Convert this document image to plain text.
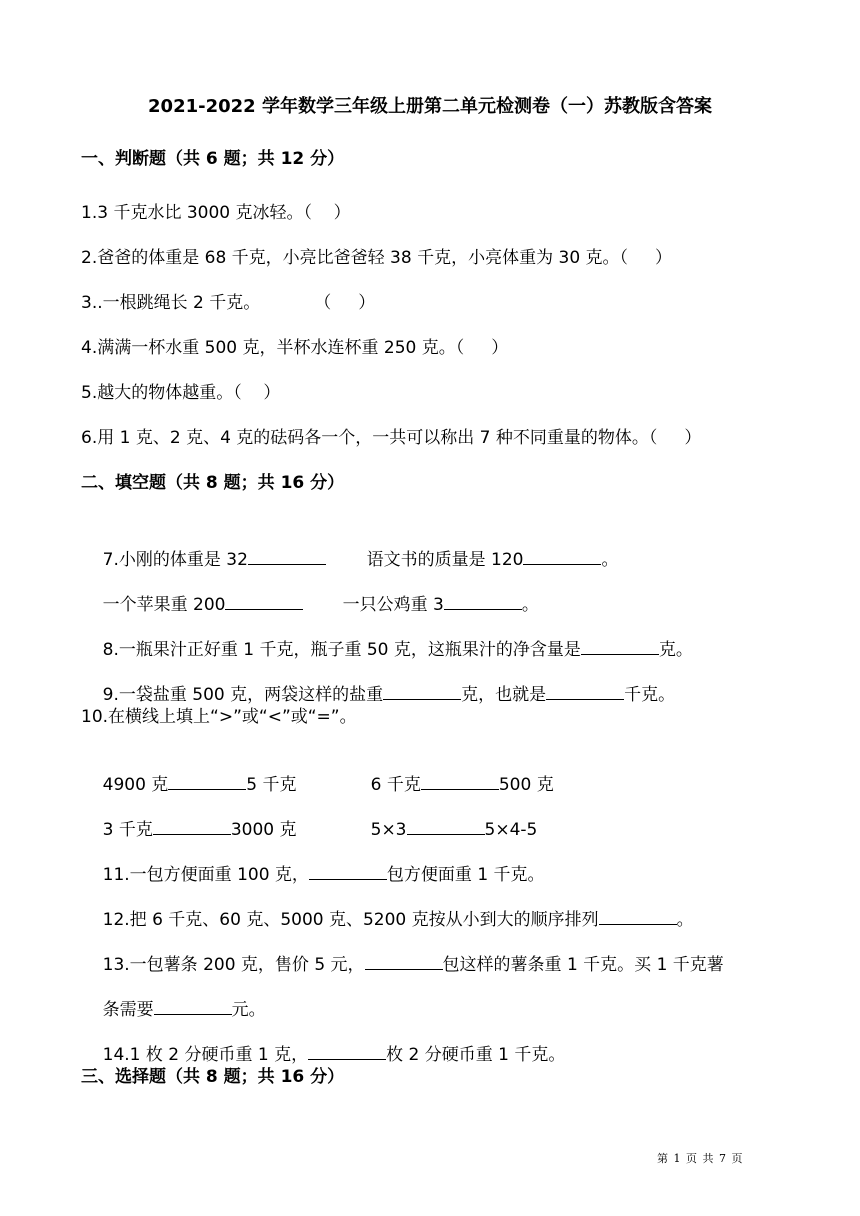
2021-2022 学年数学三年级上册第二单元检测卷（一）苏教版含答案
一、判断题（共 6 题；共 12 分）
1.3 千克水比 3000 克冰轻。（    ）
2.爸爸的体重是 68 千克，小亮比爸爸轻 38 千克，小亮体重为 30 克。（     ）
3..一根跳绳长 2 千克。          （     ）
4.满满一杯水重 500 克，半杯水连杯重 250 克。（     ）
5.越大的物体越重。（    ）
6.用 1 克、2 克、4 克的砝码各一个，一共可以称出 7 种不同重量的物体。（     ）
二、填空题（共 8 题；共 16 分）

7.小刚的体重是 32
	语文书的质量是 120	。

一个苹果重 200
	一只公鸡重 3	。

8.一瓶果汁正好重 1 千克，瓶子重 50 克，这瓶果汁的净含量是	克。

9.一袋盐重 500 克，两袋这样的盐重	克，也就是	千克。

10.在横线上填上“>”或“<”或“=”。

4900 克	5 千克
	6 千克	500 克

3 千克	3000 克
	5×3	5×4-5

11.一包方便面重 100 克，	包方便面重 1 千克。

12.把 6 千克、60 克、5000 克、5200 克按从小到大的顺序排列	。

13.一包薯条 200 克，售价 5 元，	包这样的薯条重 1 千克。买 1 千克薯

条需要	元。

14.1 枚 2 分硬币重 1 克，	枚 2 分硬币重 1 千克。

三、选择题（共 8 题；共 16 分）
第 1 页 共 7 页
